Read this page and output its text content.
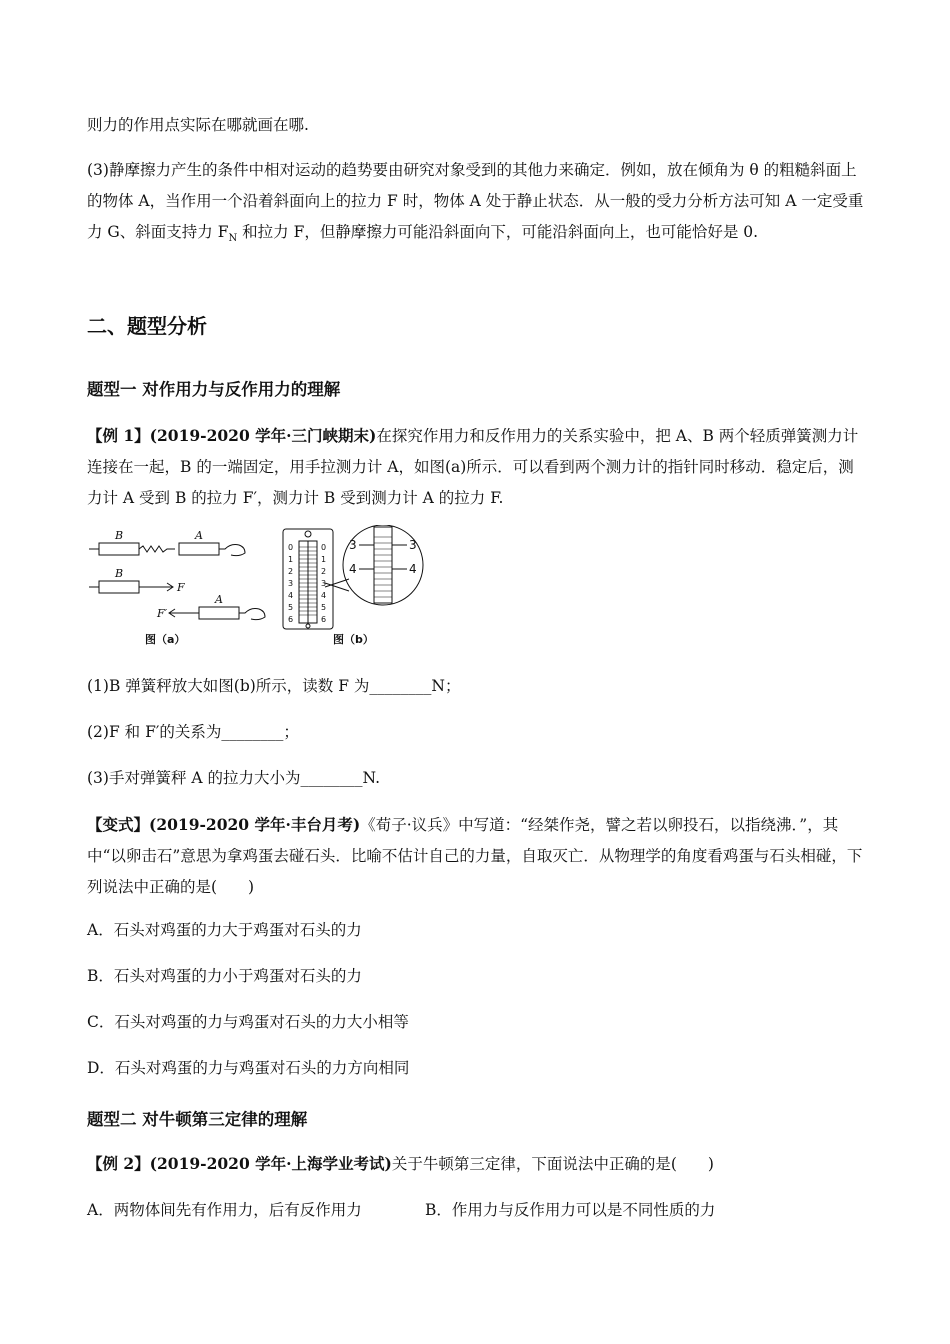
则力的作用点实际在哪就画在哪.

(3)静摩擦力产生的条件中相对运动的趋势要由研究对象受到的其他力来确定．例如，放在倾角为 θ 的粗糙斜面上的物体 A，当作用一个沿着斜面向上的拉力 F 时，物体 A 处于静止状态．从一般的受力分析方法可知 A 一定受重力 G、斜面支持力 $F_N$ 和拉力 F，但静摩擦力可能沿斜面向下，可能沿斜面向上，也可能恰好是 0.

二、题型分析
题型一 对作用力与反作用力的理解

【例 1】(2019-2020 学年·三门峡期末)在探究作用力和反作用力的关系实验中，把 A、B 两个轻质弹簧测力计连接在一起，B 的一端固定，用手拉测力计 A，如图(a)所示．可以看到两个测力计的指针同时移动．稳定后，测力计 A 受到 B 的拉力 F′，测力计 B 受到测力计 A 的拉力 F.

B	A
B
F
F′
A
图（a）
0
1
2
3
4
5
6
0
1
2
3
4
5
6
3
4
3
4
图（b）

(1)B 弹簧秤放大如图(b)所示，读数 F 为________N；

(2)F 和 F′的关系为________；

(3)手对弹簧秤 A 的拉力大小为________N.

【变式】(2019-2020 学年·丰台月考)《荀子·议兵》中写道：“经桀作尧，譬之若以卵投石，以指绕沸．”，其中“以卵击石”意思为拿鸡蛋去碰石头．比喻不估计自己的力量，自取灭亡．从物理学的角度看鸡蛋与石头相碰，下列说法中正确的是(　　)

A．石头对鸡蛋的力大于鸡蛋对石头的力

B．石头对鸡蛋的力小于鸡蛋对石头的力

C．石头对鸡蛋的力与鸡蛋对石头的力大小相等

D．石头对鸡蛋的力与鸡蛋对石头的力方向相同

题型二 对牛顿第三定律的理解

【例 2】(2019-2020 学年·上海学业考试)关于牛顿第三定律，下面说法中正确的是(　　)

A．两物体间先有作用力，后有反作用力	B．作用力与反作用力可以是不同性质的力
